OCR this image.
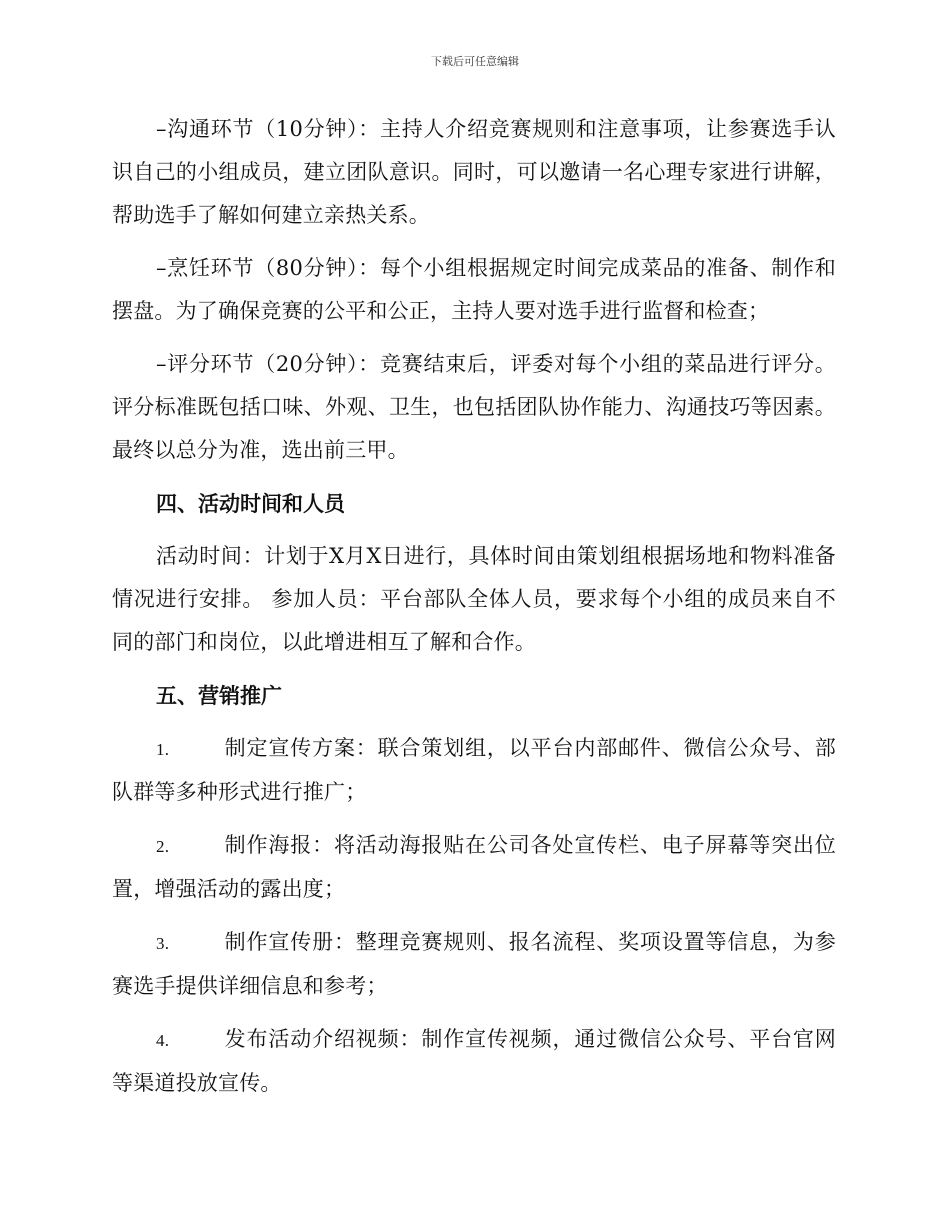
下载后可任意编辑

–沟通环节（10分钟）：主持人介绍竞赛规则和注意事项，让参赛选手认识自己的小组成员，建立团队意识。同时，可以邀请一名心理专家进行讲解，帮助选手了解如何建立亲热关系。

–烹饪环节（80分钟）：每个小组根据规定时间完成菜品的准备、制作和摆盘。为了确保竞赛的公平和公正，主持人要对选手进行监督和检查；

–评分环节（20分钟）：竞赛结束后，评委对每个小组的菜品进行评分。评分标准既包括口味、外观、卫生，也包括团队协作能力、沟通技巧等因素。最终以总分为准，选出前三甲。

四、活动时间和人员

活动时间：计划于X月X日进行，具体时间由策划组根据场地和物料准备情况进行安排。 参加人员：平台部队全体人员，要求每个小组的成员来自不同的部门和岗位，以此增进相互了解和合作。

五、营销推广

1.	制定宣传方案：联合策划组，以平台内部邮件、微信公众号、部队群等多种形式进行推广；

2.	制作海报：将活动海报贴在公司各处宣传栏、电子屏幕等突出位置，增强活动的露出度；

3.	制作宣传册：整理竞赛规则、报名流程、奖项设置等信息，为参赛选手提供详细信息和参考；

4.	发布活动介绍视频：制作宣传视频，通过微信公众号、平台官网等渠道投放宣传。
